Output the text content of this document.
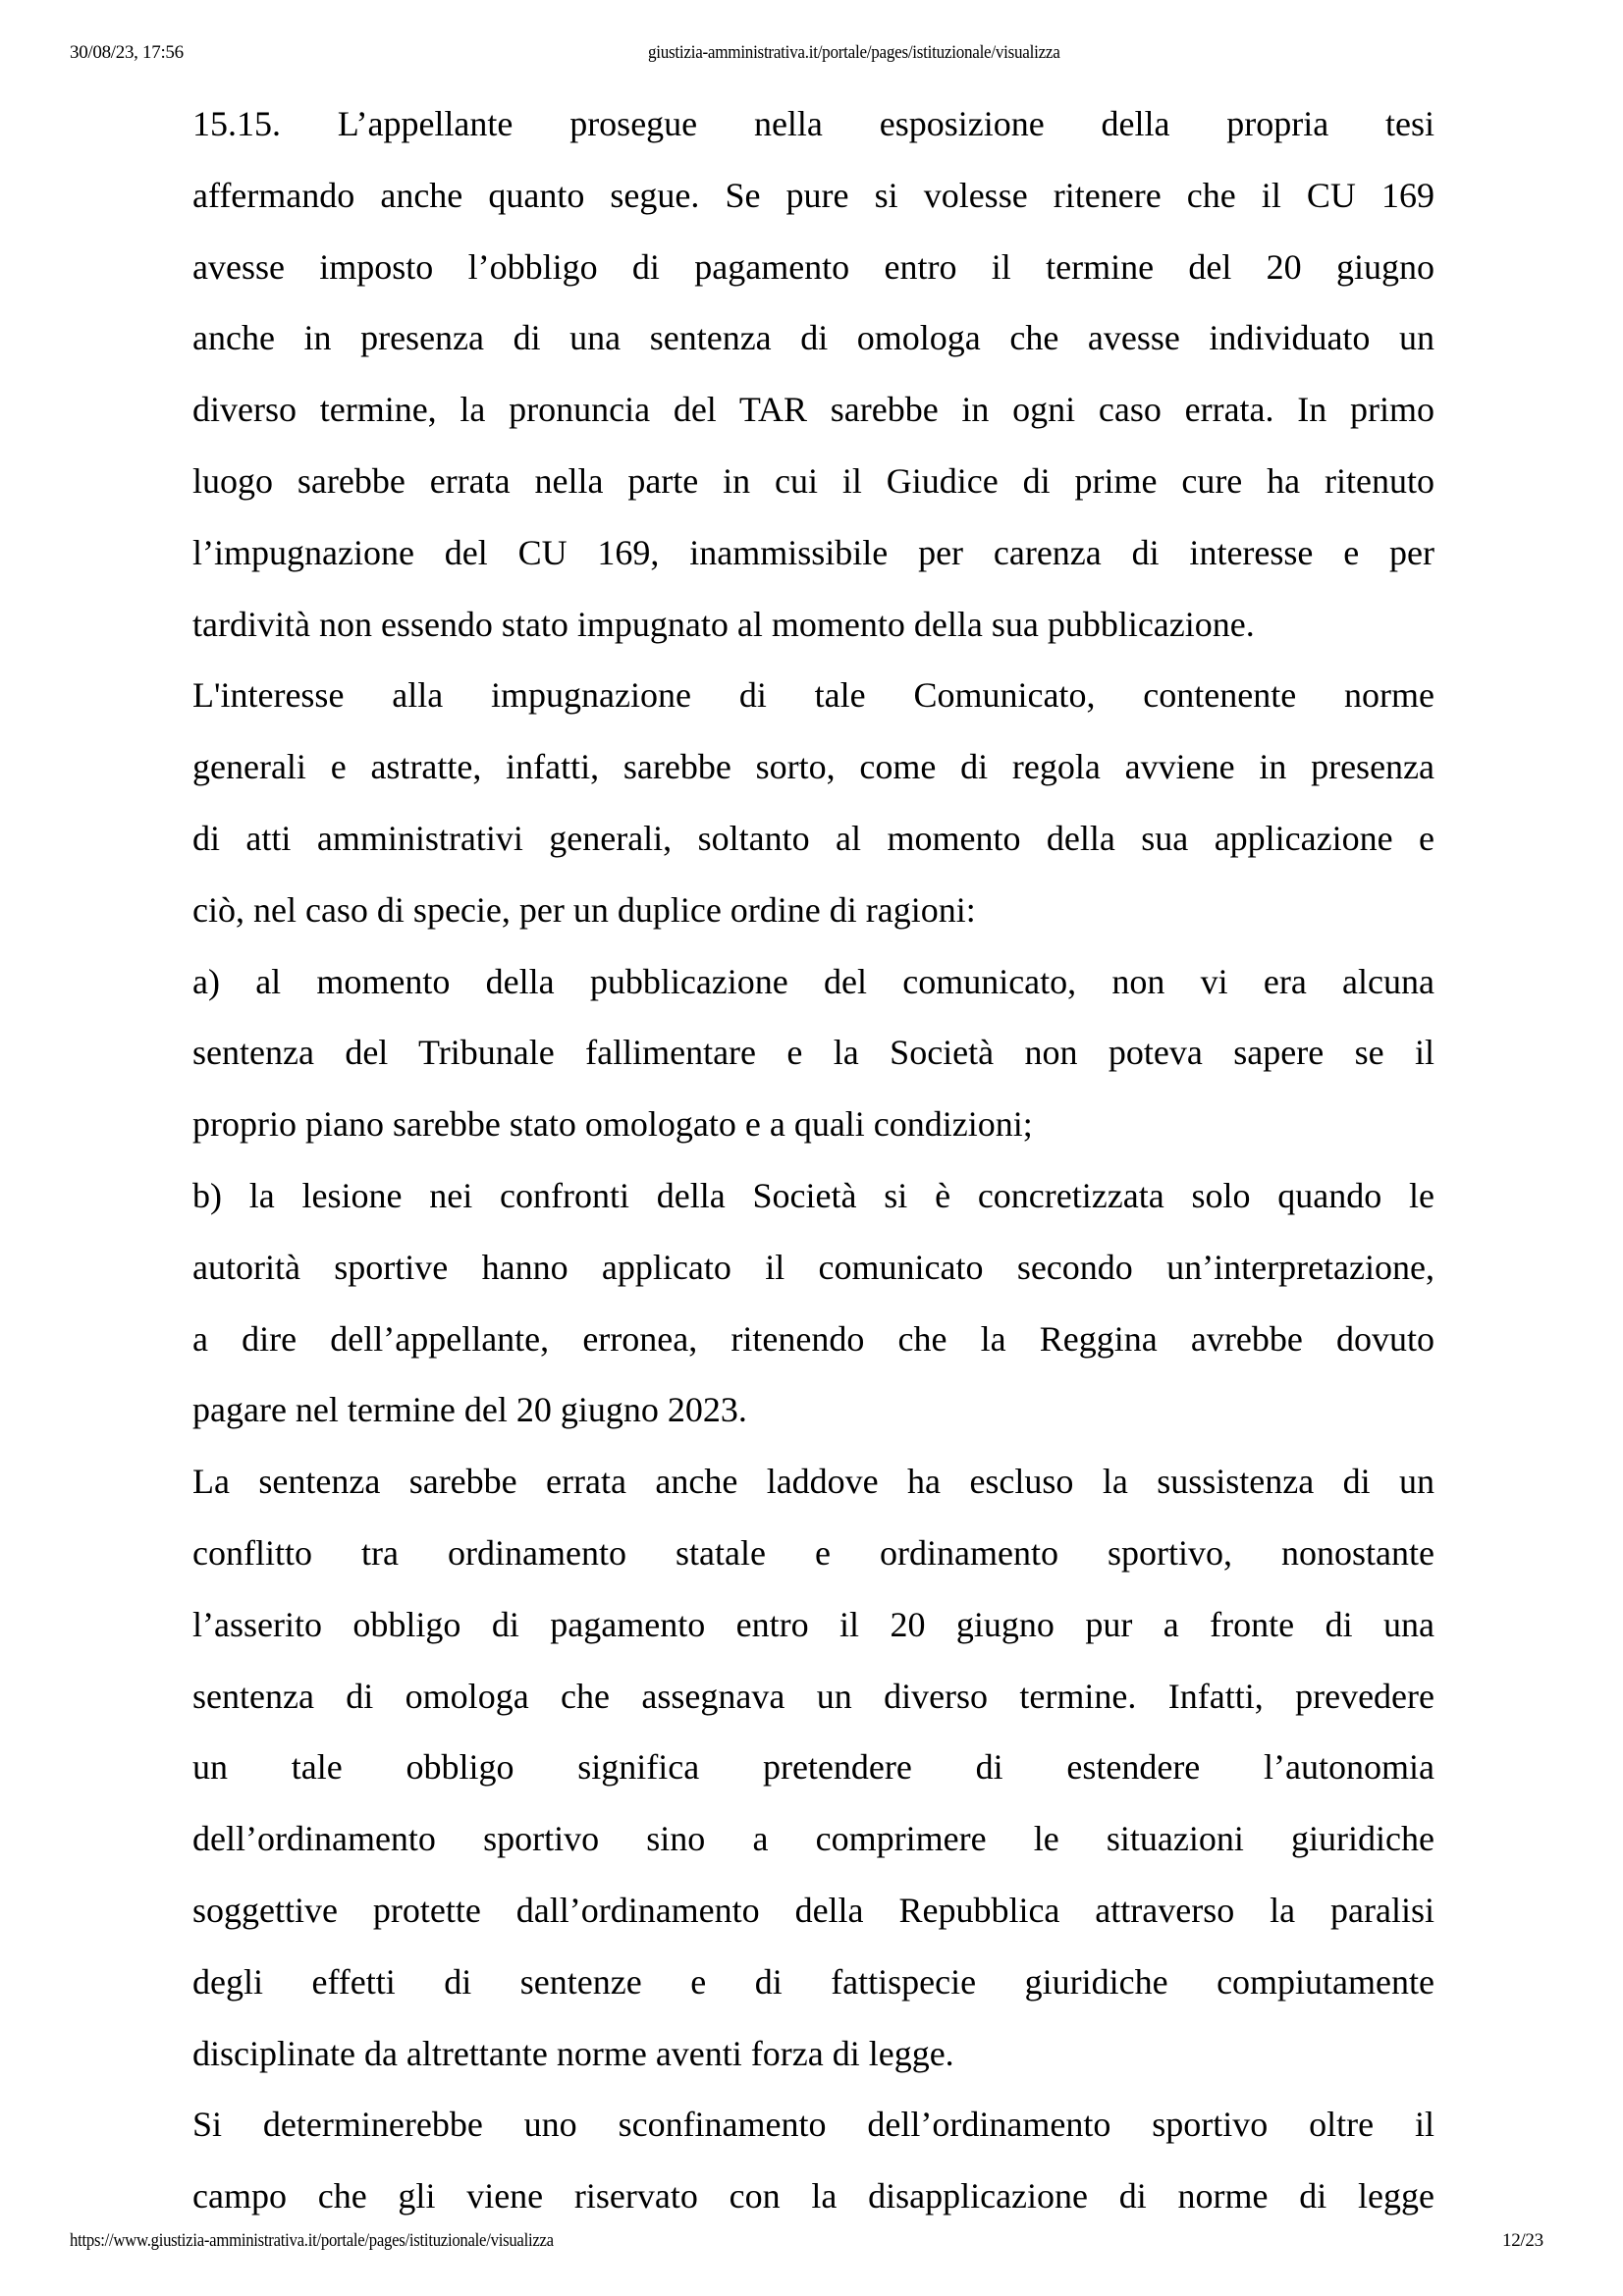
30/08/23, 17:56	giustizia-amministrativa.it/portale/pages/istituzionale/visualizza
15.15. L’appellante prosegue nella esposizione della propria tesi
affermando anche quanto segue. Se pure si volesse ritenere che il CU 169
avesse imposto l’obbligo di pagamento entro il termine del 20 giugno
anche in presenza di una sentenza di omologa che avesse individuato un
diverso termine, la pronuncia del TAR sarebbe in ogni caso errata. In primo
luogo sarebbe errata nella parte in cui il Giudice di prime cure ha ritenuto
l’impugnazione del CU 169, inammissibile per carenza di interesse e per
tardività non essendo stato impugnato al momento della sua pubblicazione.
L'interesse alla impugnazione di tale Comunicato, contenente norme
generali e astratte, infatti, sarebbe sorto, come di regola avviene in presenza
di atti amministrativi generali, soltanto al momento della sua applicazione e
ciò, nel caso di specie, per un duplice ordine di ragioni:
a) al momento della pubblicazione del comunicato, non vi era alcuna
sentenza del Tribunale fallimentare e la Società non poteva sapere se il
proprio piano sarebbe stato omologato e a quali condizioni;
b) la lesione nei confronti della Società si è concretizzata solo quando le
autorità sportive hanno applicato il comunicato secondo un’interpretazione,
a dire dell’appellante, erronea, ritenendo che la Reggina avrebbe dovuto
pagare nel termine del 20 giugno 2023.
La sentenza sarebbe errata anche laddove ha escluso la sussistenza di un
conflitto tra ordinamento statale e ordinamento sportivo, nonostante
l’asserito obbligo di pagamento entro il 20 giugno pur a fronte di una
sentenza di omologa che assegnava un diverso termine. Infatti, prevedere
un tale obbligo significa pretendere di estendere l’autonomia
dell’ordinamento sportivo sino a comprimere le situazioni giuridiche
soggettive protette dall’ordinamento della Repubblica attraverso la paralisi
degli effetti di sentenze e di fattispecie giuridiche compiutamente
disciplinate da altrettante norme aventi forza di legge.
Si determinerebbe uno sconfinamento dell’ordinamento sportivo oltre il
campo che gli viene riservato con la disapplicazione di norme di legge
https://www.giustizia-amministrativa.it/portale/pages/istituzionale/visualizza	12/23
